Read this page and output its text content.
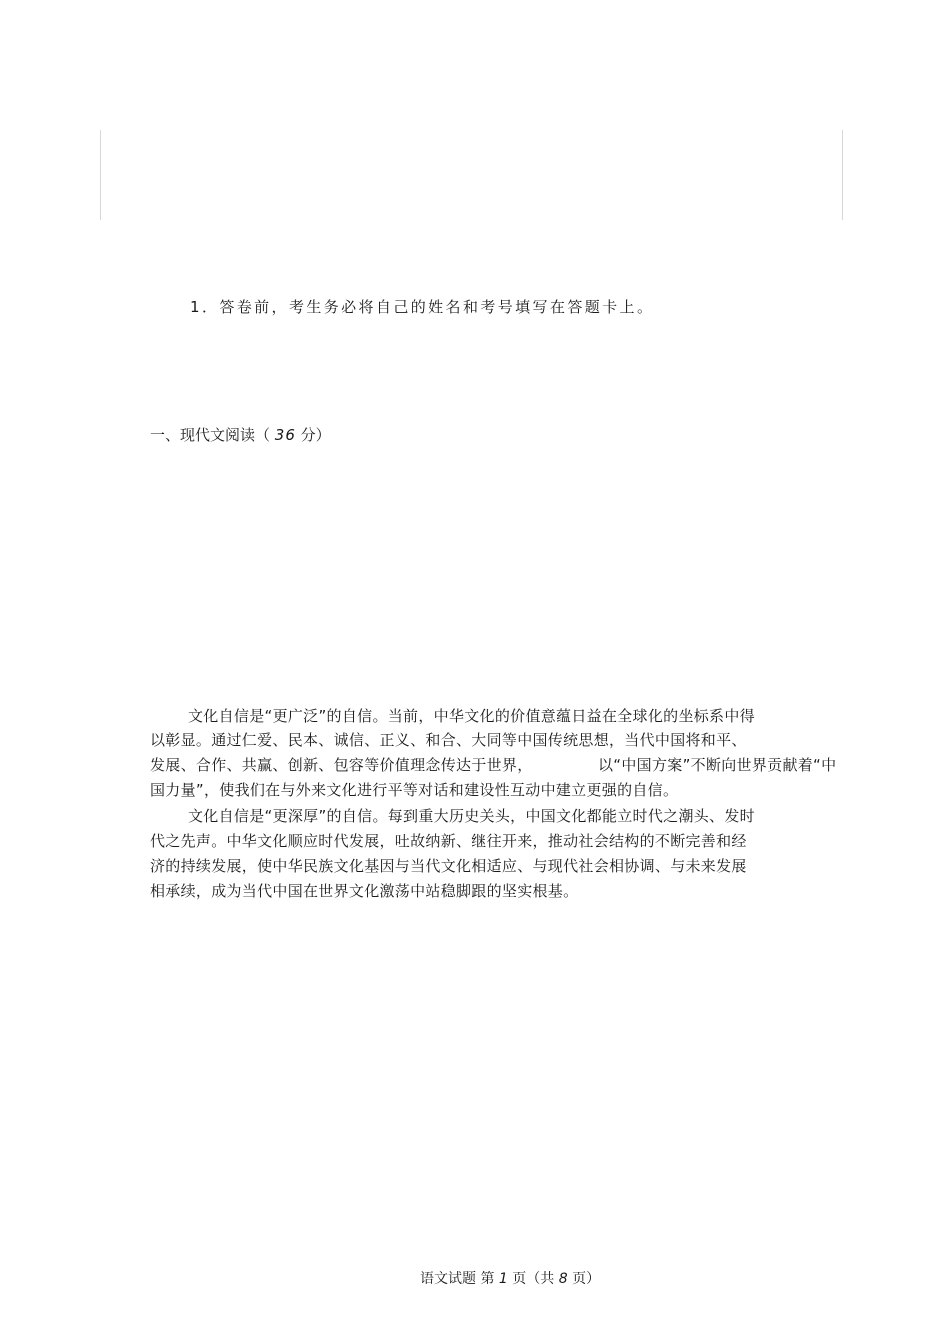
1．答卷前，考生务必将自己的姓名和考号填写在答题卡上。
一、现代文阅读（ 36 分）
文化自信是“更广泛”的自信。当前，中华文化的价值意蕴日益在全球化的坐标系中得
以彰显。通过仁爱、民本、诚信、正义、和合、大同等中国传统思想，当代中国将和平、
发展、合作、共赢、创新、包容等价值理念传达于世界，	以“中国方案”不断向世界贡献着“中
国力量”，使我们在与外来文化进行平等对话和建设性互动中建立更强的自信。
文化自信是“更深厚”的自信。每到重大历史关头，中国文化都能立时代之潮头、发时
代之先声。中华文化顺应时代发展，吐故纳新、继往开来，推动社会结构的不断完善和经
济的持续发展，使中华民族文化基因与当代文化相适应、与现代社会相协调、与未来发展
相承续，成为当代中国在世界文化激荡中站稳脚跟的坚实根基。
语文试题 第 1 页（共 8 页）
